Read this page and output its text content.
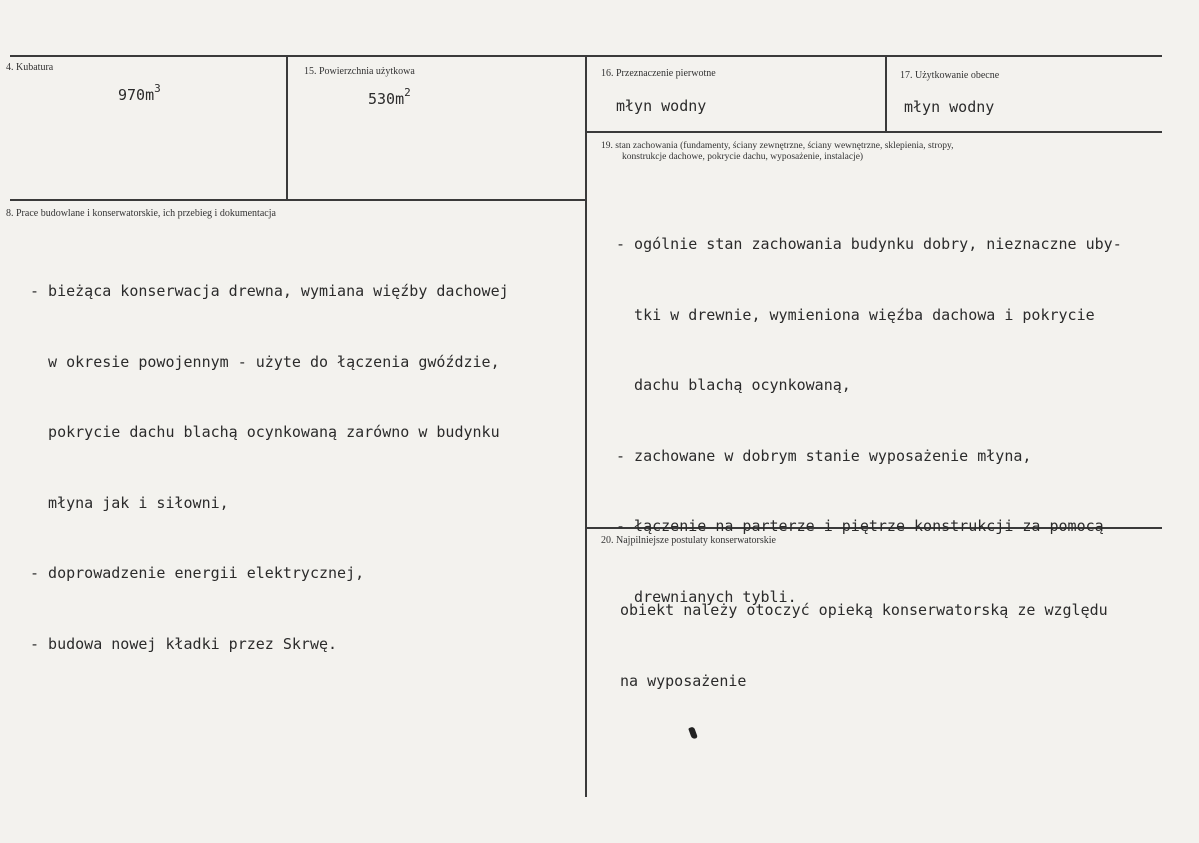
4. Kubatura
$970m^3$
15. Powierzchnia użytkowa
$530m^2$
16. Przeznaczenie pierwotne
młyn wodny
17. Użytkowanie obecne
młyn wodny
8. Prace budowlane i konserwatorskie, ich przebieg i dokumentacja

- bieżąca konserwacja drewna, wymiana więźby dachowej

w okresie powojennym - użyte do łączenia gwóździe,

pokrycie dachu blachą ocynkowaną zarówno w budynku

młyna jak i siłowni,

- doprowadzenie energii elektrycznej,

- budowa nowej kładki przez Skrwę.

19. stan zachowania (fundamenty, ściany zewnętrzne, ściany wewnętrzne, sklepienia, stropy,
konstrukcje dachowe, pokrycie dachu, wyposażenie, instalacje)

- ogólnie stan zachowania budynku dobry, nieznaczne uby-

tki w drewnie, wymieniona więźba dachowa i pokrycie

dachu blachą ocynkowaną,

- zachowane w dobrym stanie wyposażenie młyna,

- łączenie na parterze i piętrze konstrukcji za pomocą

drewnianych tybli.

20. Najpilniejsze postulaty konserwatorskie

obiekt należy otoczyć opieką konserwatorską ze względu

na wyposażenie
